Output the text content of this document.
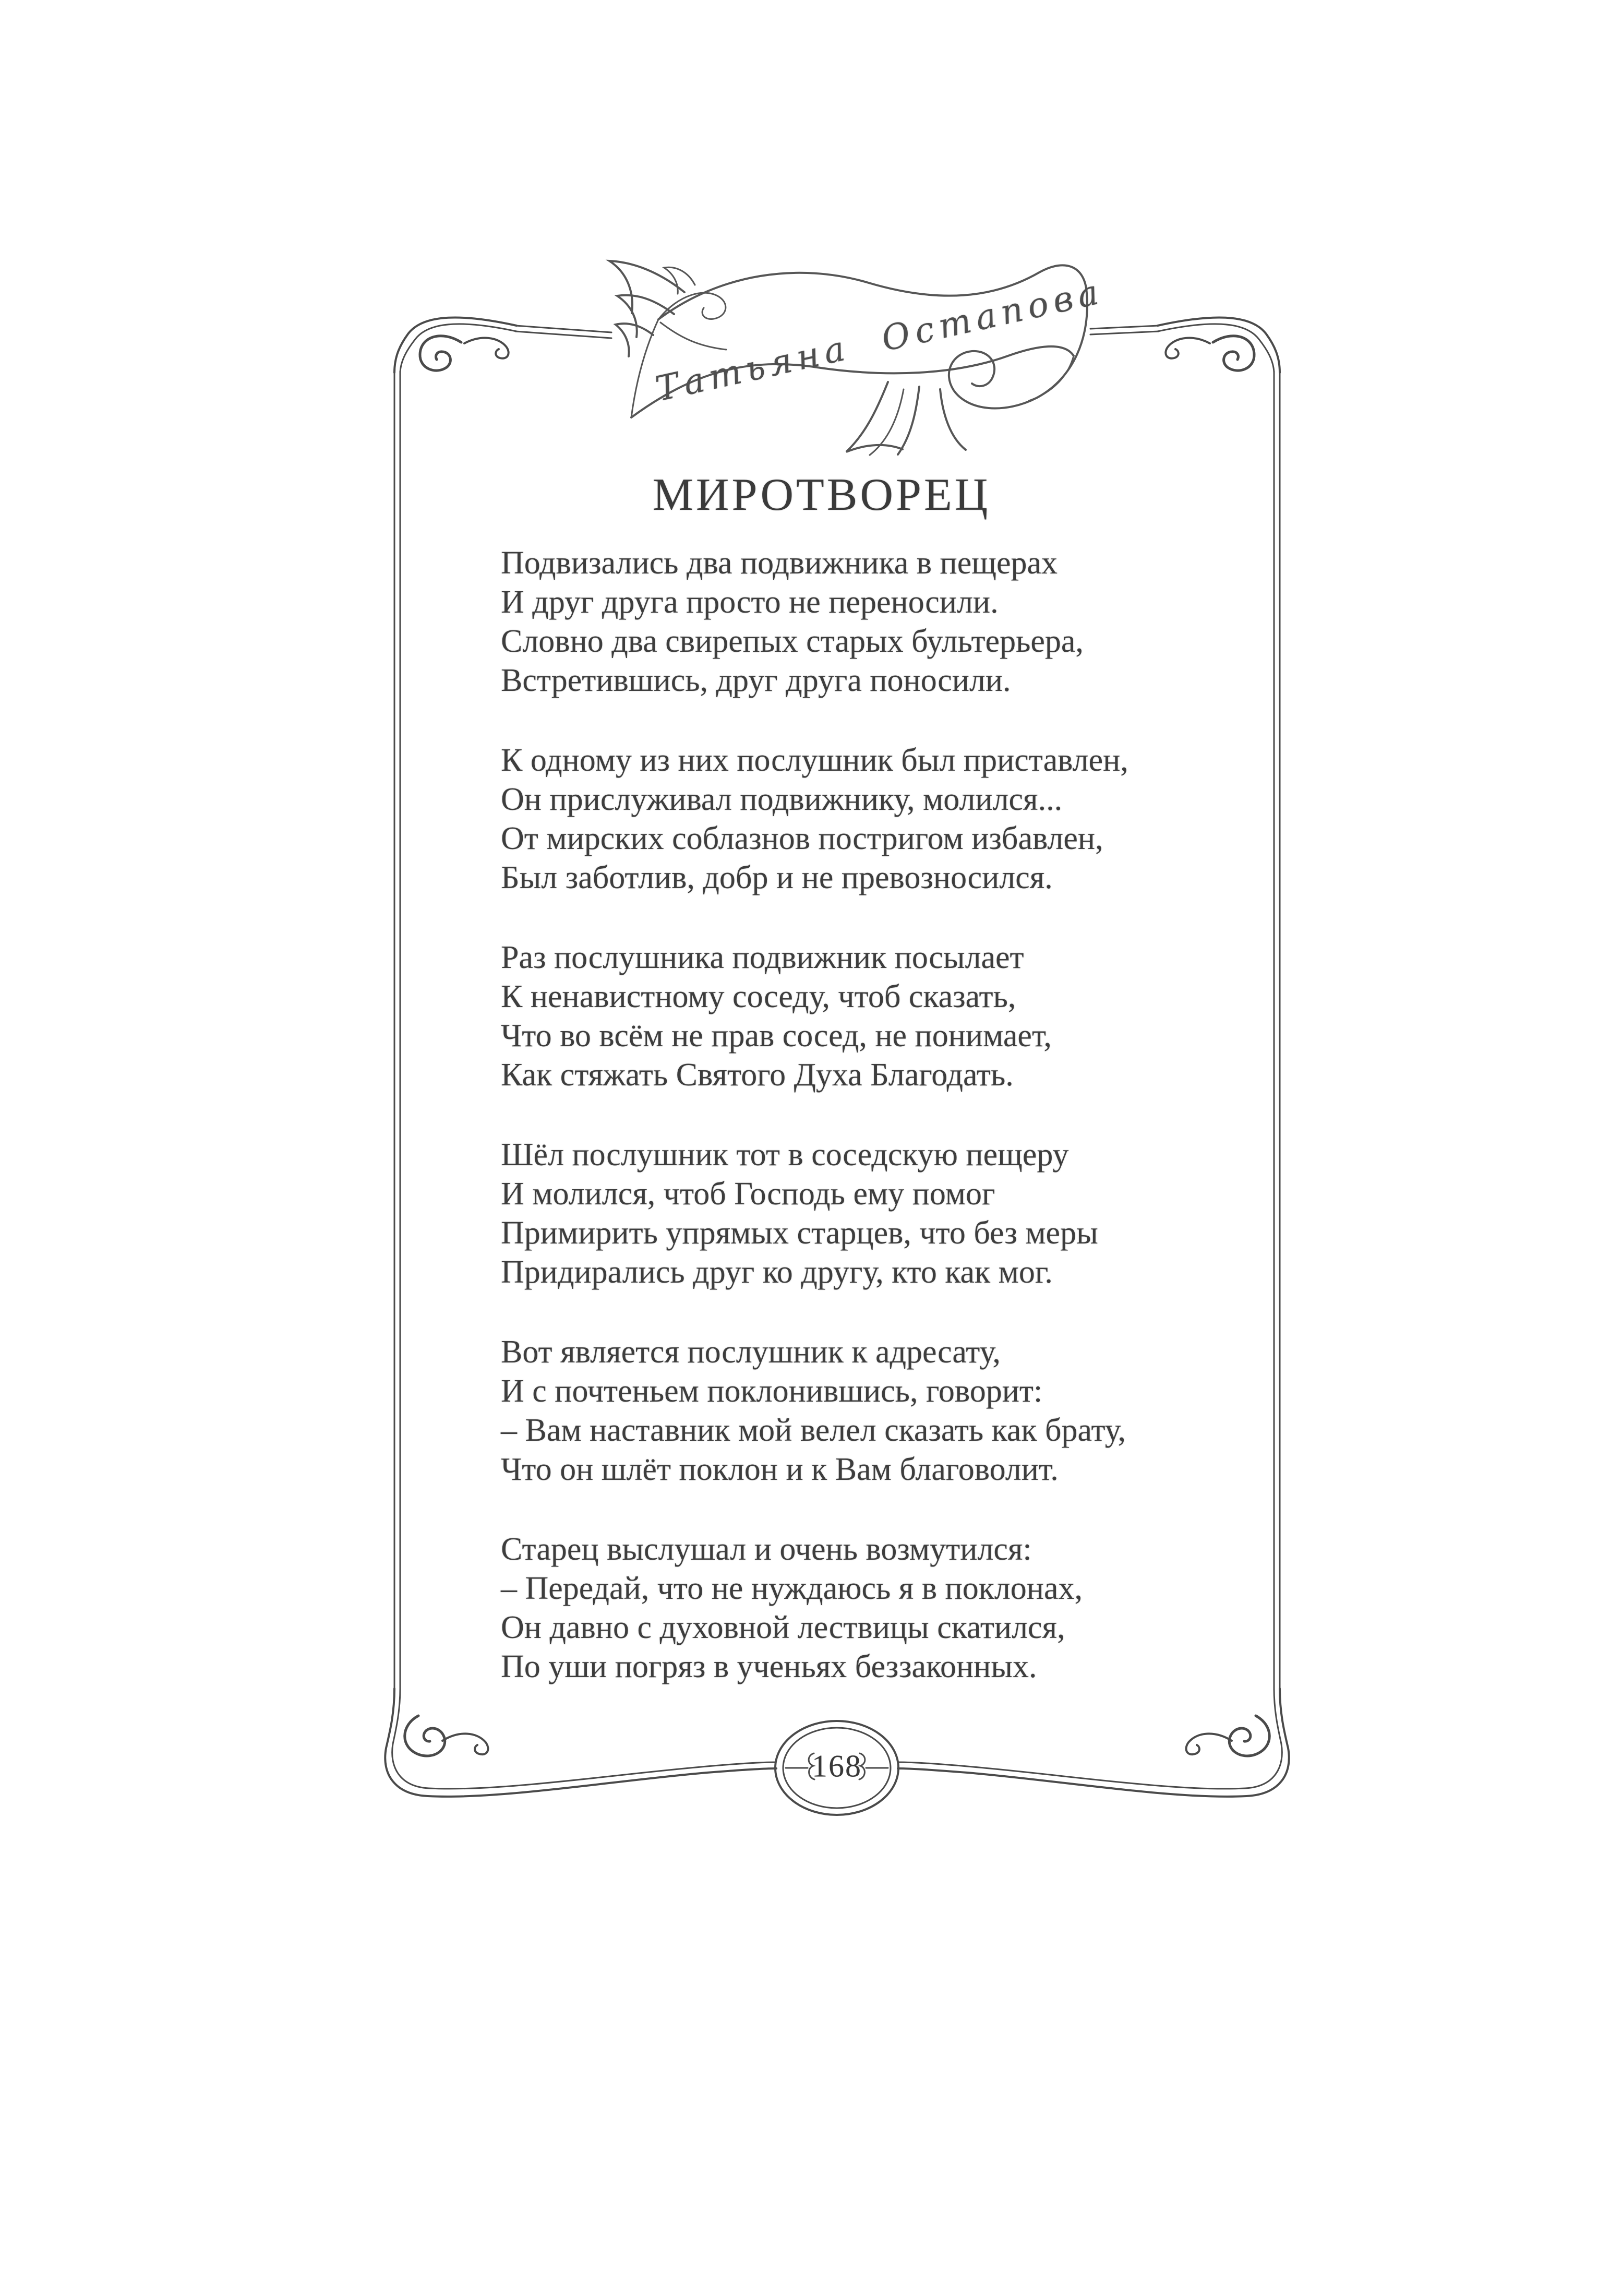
Татьяна Остапова
МИРОТВОРЕЦ
Подвизались два подвижника в пещерах
И друг друга просто не переносили.
Словно два свирепых старых бультерьера,
Встретившись, друг друга поносили.
К одному из них послушник был приставлен,
Он прислуживал подвижнику, молился...
От мирских соблазнов постригом избавлен,
Был заботлив, добр и не превозносился.
Раз послушника подвижник посылает
К ненавистному соседу, чтоб сказать,
Что во всём не прав сосед, не понимает,
Как стяжать Святого Духа Благодать.
Шёл послушник тот в соседскую пещеру
И молился, чтоб Господь ему помог
Примирить упрямых старцев, что без меры
Придирались друг ко другу, кто как мог.
Вот является послушник к адресату,
И с почтеньем поклонившись, говорит:
– Вам наставник мой велел сказать как брату,
Что он шлёт поклон и к Вам благоволит.
Старец выслушал и очень возмутился:
– Передай, что не нуждаюсь я в поклонах,
Он давно с духовной лествицы скатился,
По уши погряз в ученьях беззаконных.
168
